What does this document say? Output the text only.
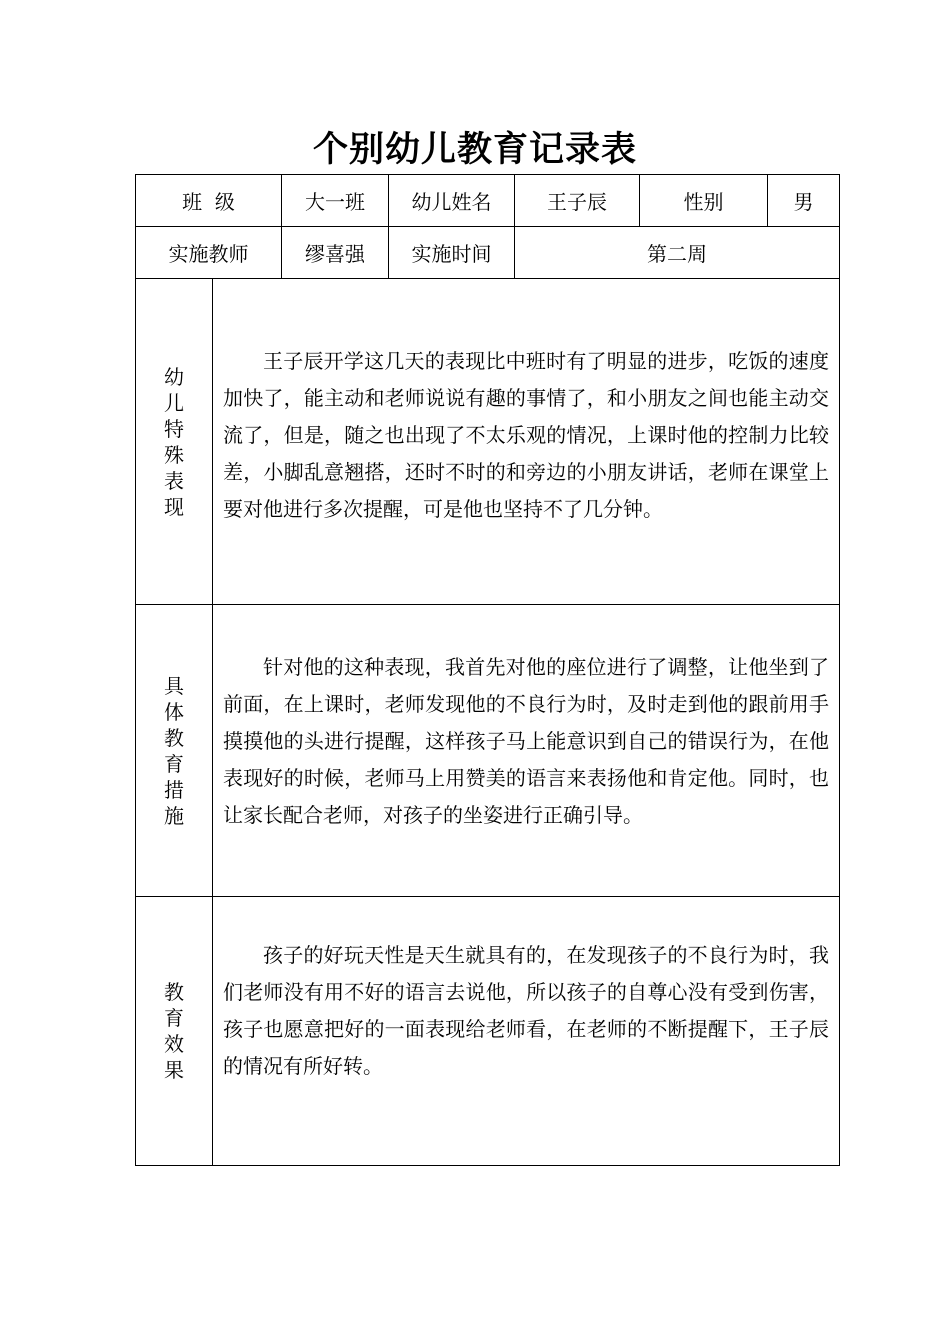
个别幼儿教育记录表
班  级		大一班	幼儿姓名	王子辰	性别	男
实施教师		缪喜强	实施时间	第二周		
幼儿特殊表现	王子辰开学这几天的表现比中班时有了明显的进步，吃饭的速度加快了，能主动和老师说说有趣的事情了，和小朋友之间也能主动交流了，但是，随之也出现了不太乐观的情况，上课时他的控制力比较差，小脚乱意翘搭，还时不时的和旁边的小朋友讲话，老师在课堂上要对他进行多次提醒，可是他也坚持不了几分钟。					

具体教育措施	针对他的这种表现，我首先对他的座位进行了调整，让他坐到了前面，在上课时，老师发现他的不良行为时，及时走到他的跟前用手摸摸他的头进行提醒，这样孩子马上能意识到自己的错误行为，在他表现好的时候，老师马上用赞美的语言来表扬他和肯定他。同时，也让家长配合老师，对孩子的坐姿进行正确引导。					

教育效果	孩子的好玩天性是天生就具有的，在发现孩子的不良行为时，我们老师没有用不好的语言去说他，所以孩子的自尊心没有受到伤害，孩子也愿意把好的一面表现给老师看，在老师的不断提醒下，王子辰的情况有所好转。					
